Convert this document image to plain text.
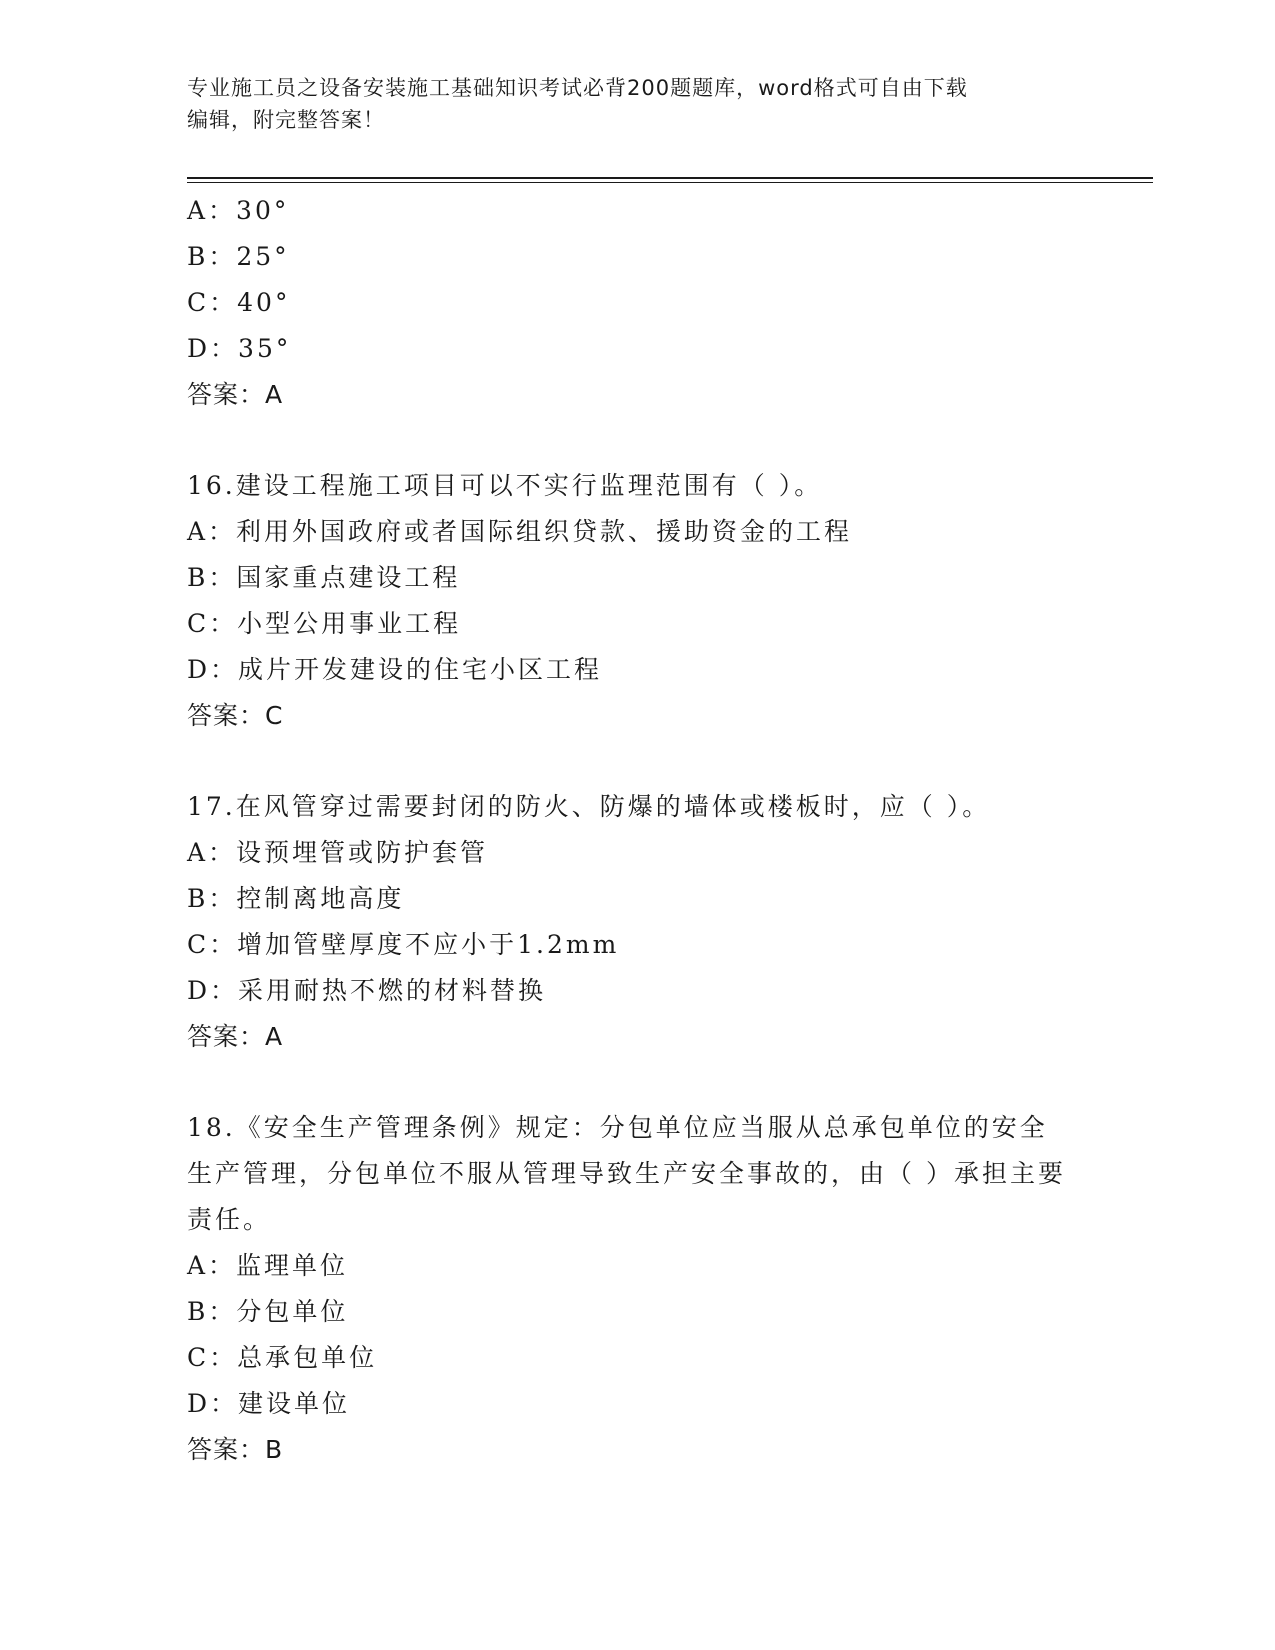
专业施工员之设备安装施工基础知识考试必背200题题库，word格式可自由下载
编辑，附完整答案！
A：30°
B：25°
C：40°
D：35°
答案：A
16.建设工程施工项目可以不实行监理范围有（ ）。
A：利用外国政府或者国际组织贷款、援助资金的工程
B：国家重点建设工程
C：小型公用事业工程
D：成片开发建设的住宅小区工程
答案：C
17.在风管穿过需要封闭的防火、防爆的墙体或楼板时，应（ ）。
A：设预埋管或防护套管
B：控制离地高度
C：增加管壁厚度不应小于1.2mm
D：采用耐热不燃的材料替换
答案：A
18.《安全生产管理条例》规定：分包单位应当服从总承包单位的安全生产管理，分包单位不服从管理导致生产安全事故的，由（ ）承担主要责任。
A：监理单位
B：分包单位
C：总承包单位
D：建设单位
答案：B
